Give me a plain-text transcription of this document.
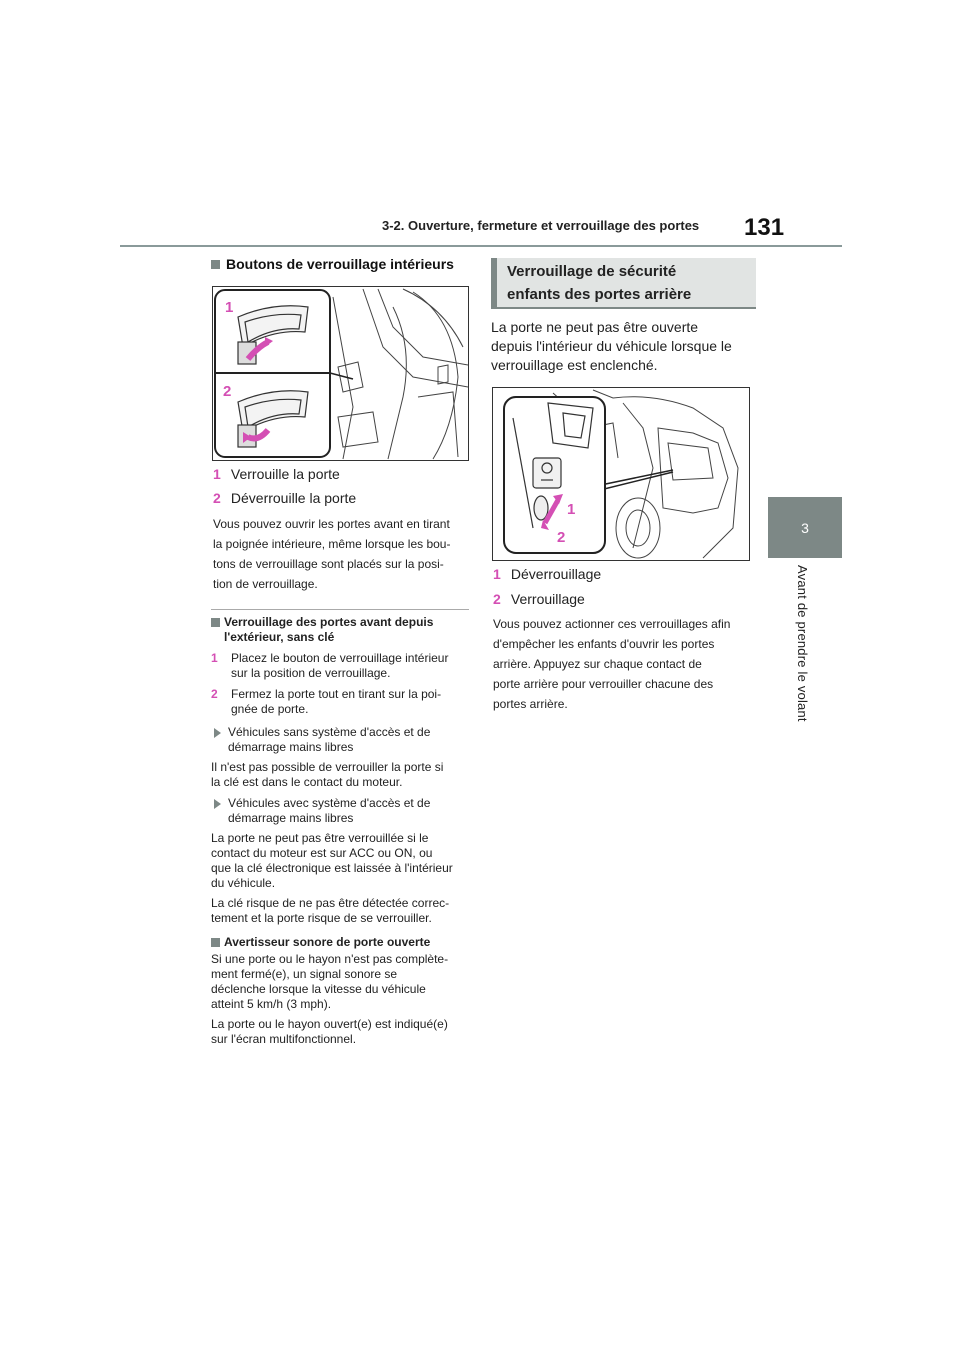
3-2. Ouverture, fermeture et verrouillage des portes 131
3
Avant de prendre le volant
Boutons de verrouillage intérieurs
1
2
1 Verrouille la porte
2 Déverrouille la porte
Vous pouvez ouvrir les portes avant en tirant
la poignée intérieure, même lorsque les bou-
tons de verrouillage sont placés sur la posi-
tion de verrouillage.
Verrouillage des portes avant depuis
l'extérieur, sans clé
1	Placez le bouton de verrouillage intérieur
sur la position de verrouillage.
2	Fermez la porte tout en tirant sur la poi-
gnée de porte.
Véhicules sans système d'accès et de
démarrage mains libres
Il n'est pas possible de verrouiller la porte si
la clé est dans le contact du moteur.
Véhicules avec système d'accès et de
démarrage mains libres
La porte ne peut pas être verrouillée si le
contact du moteur est sur ACC ou ON, ou
que la clé électronique est laissée à l'intérieur
du véhicule.
La clé risque de ne pas être détectée correc-
tement et la porte risque de se verrouiller.
Avertisseur sonore de porte ouverte
Si une porte ou le hayon n'est pas complète-
ment fermé(e), un signal sonore se
déclenche lorsque la vitesse du véhicule
atteint 5 km/h (3 mph).
La porte ou le hayon ouvert(e) est indiqué(e)
sur l'écran multifonctionnel.
Verrouillage de sécurité
enfants des portes arrière
La porte ne peut pas être ouverte
depuis l'intérieur du véhicule lorsque le
verrouillage est enclenché.
1
2
1 Déverrouillage
2 Verrouillage
Vous pouvez actionner ces verrouillages afin
d'empêcher les enfants d'ouvrir les portes
arrière. Appuyez sur chaque contact de
porte arrière pour verrouiller chacune des
portes arrière.
